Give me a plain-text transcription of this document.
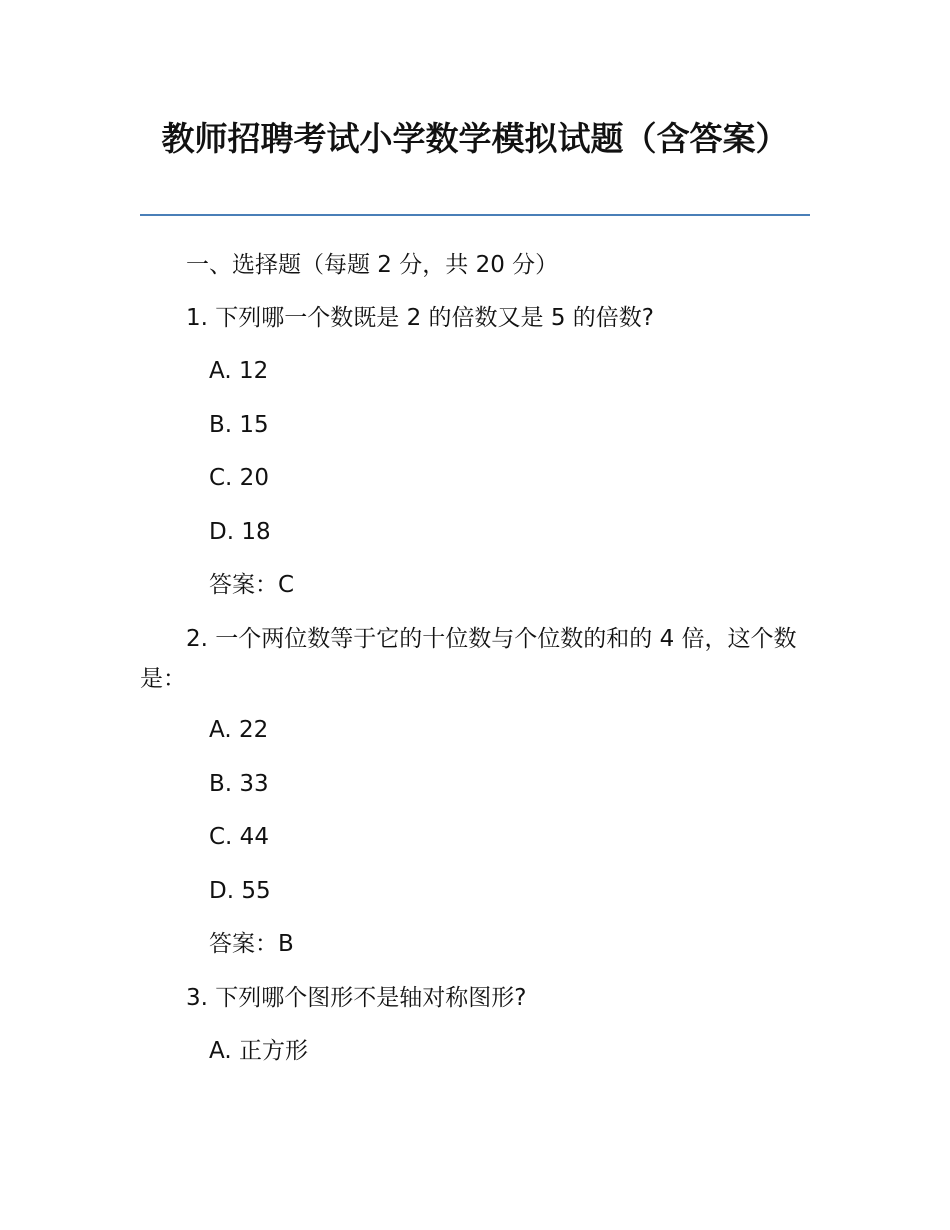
教师招聘考试小学数学模拟试题（含答案）

一、选择题（每题 2 分，共 20 分）

1. 下列哪一个数既是 2 的倍数又是 5 的倍数?

A. 12

B. 15

C. 20

D. 18

答案：C

2. 一个两位数等于它的十位数与个位数的和的 4 倍，这个数是：

A. 22

B. 33

C. 44

D. 55

答案：B

3. 下列哪个图形不是轴对称图形?

A. 正方形
